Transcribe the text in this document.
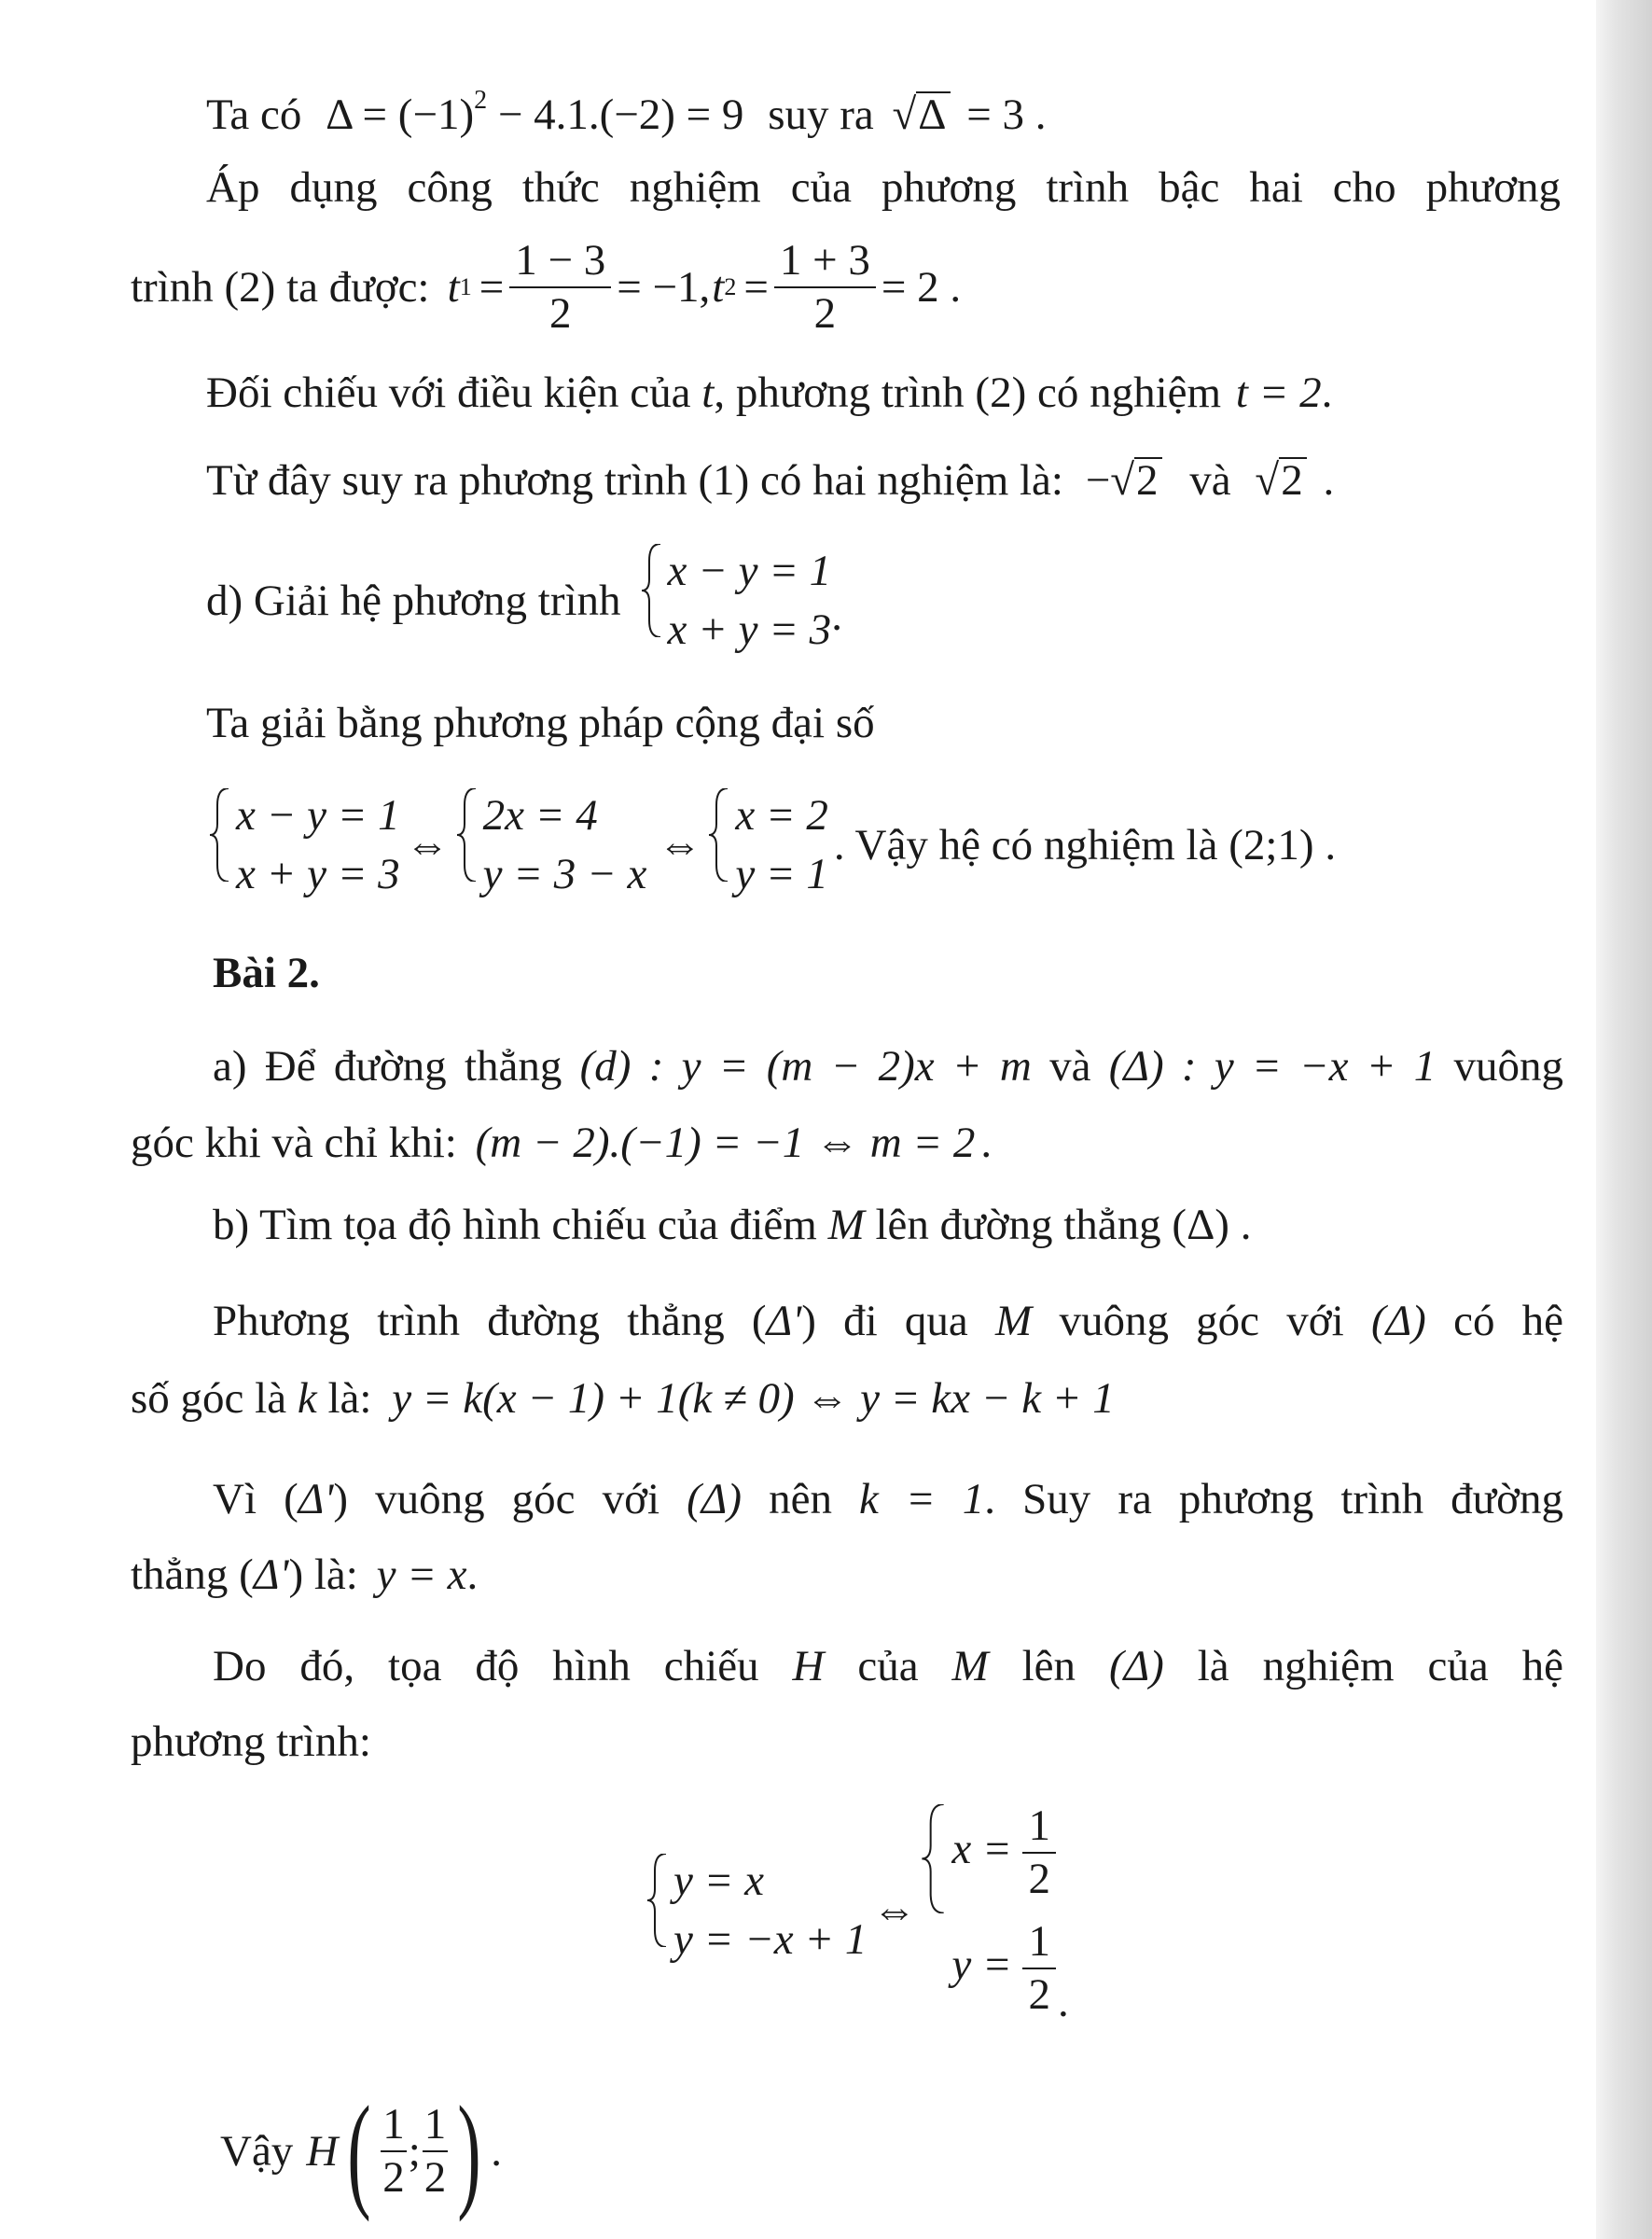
Ta có $\Delta = (-1)^2 - 4.1.(-2) = 9$ suy ra √Δ = 3 .
Áp dụng công thức nghiệm của phương trình bậc hai cho phương
trình (2) ta được: t $1 = \frac{1 - 3}{2} = -1$, t $2 = \frac{1 + 3}{2} = 2$ .
Đối chiếu với điều kiện của t, phương trình (2) có nghiệm t = 2.
Từ đây suy ra phương trình (1) có hai nghiệm là: −√2 và √2 .
d) Giải hệ phương trình
x − y = 1
x + y = 3 .
Ta giải bằng phương pháp cộng đại số
x − y = 1
x + y = 3
⇔
2x = 4
y = 3 − x
⇔
x = 2
y = 1
. Vậy hệ có nghiệm là (2;1) .
Bài 2.
a) Để đường thẳng (d) : y = (m − 2)x + m và (Δ) : y = −x + 1 vuông
góc khi và chỉ khi: (m − 2).(−1) = −1 ⇔ m = 2 .
b) Tìm tọa độ hình chiếu của điểm M lên đường thẳng (Δ) .
Phương trình đường thẳng (Δ') đi qua M vuông góc với (Δ) có hệ
số góc là k là: y = k(x − 1) + 1(k ≠ 0) ⇔ y = kx − k + 1
Vì (Δ') vuông góc với (Δ) nên k = 1. Suy ra phương trình đường
thẳng (Δ') là: y = x.
Do đó, tọa độ hình chiếu H của M lên (Δ) là nghiệm của hệ
phương trình:
y = x
y = −x + 1
⇔
$x = \frac{1}{2}$
$y = \frac{1}{2}$ .
Vậy H ( $\frac{1}{2}$ ; $\frac{1}{2}$ ) .
